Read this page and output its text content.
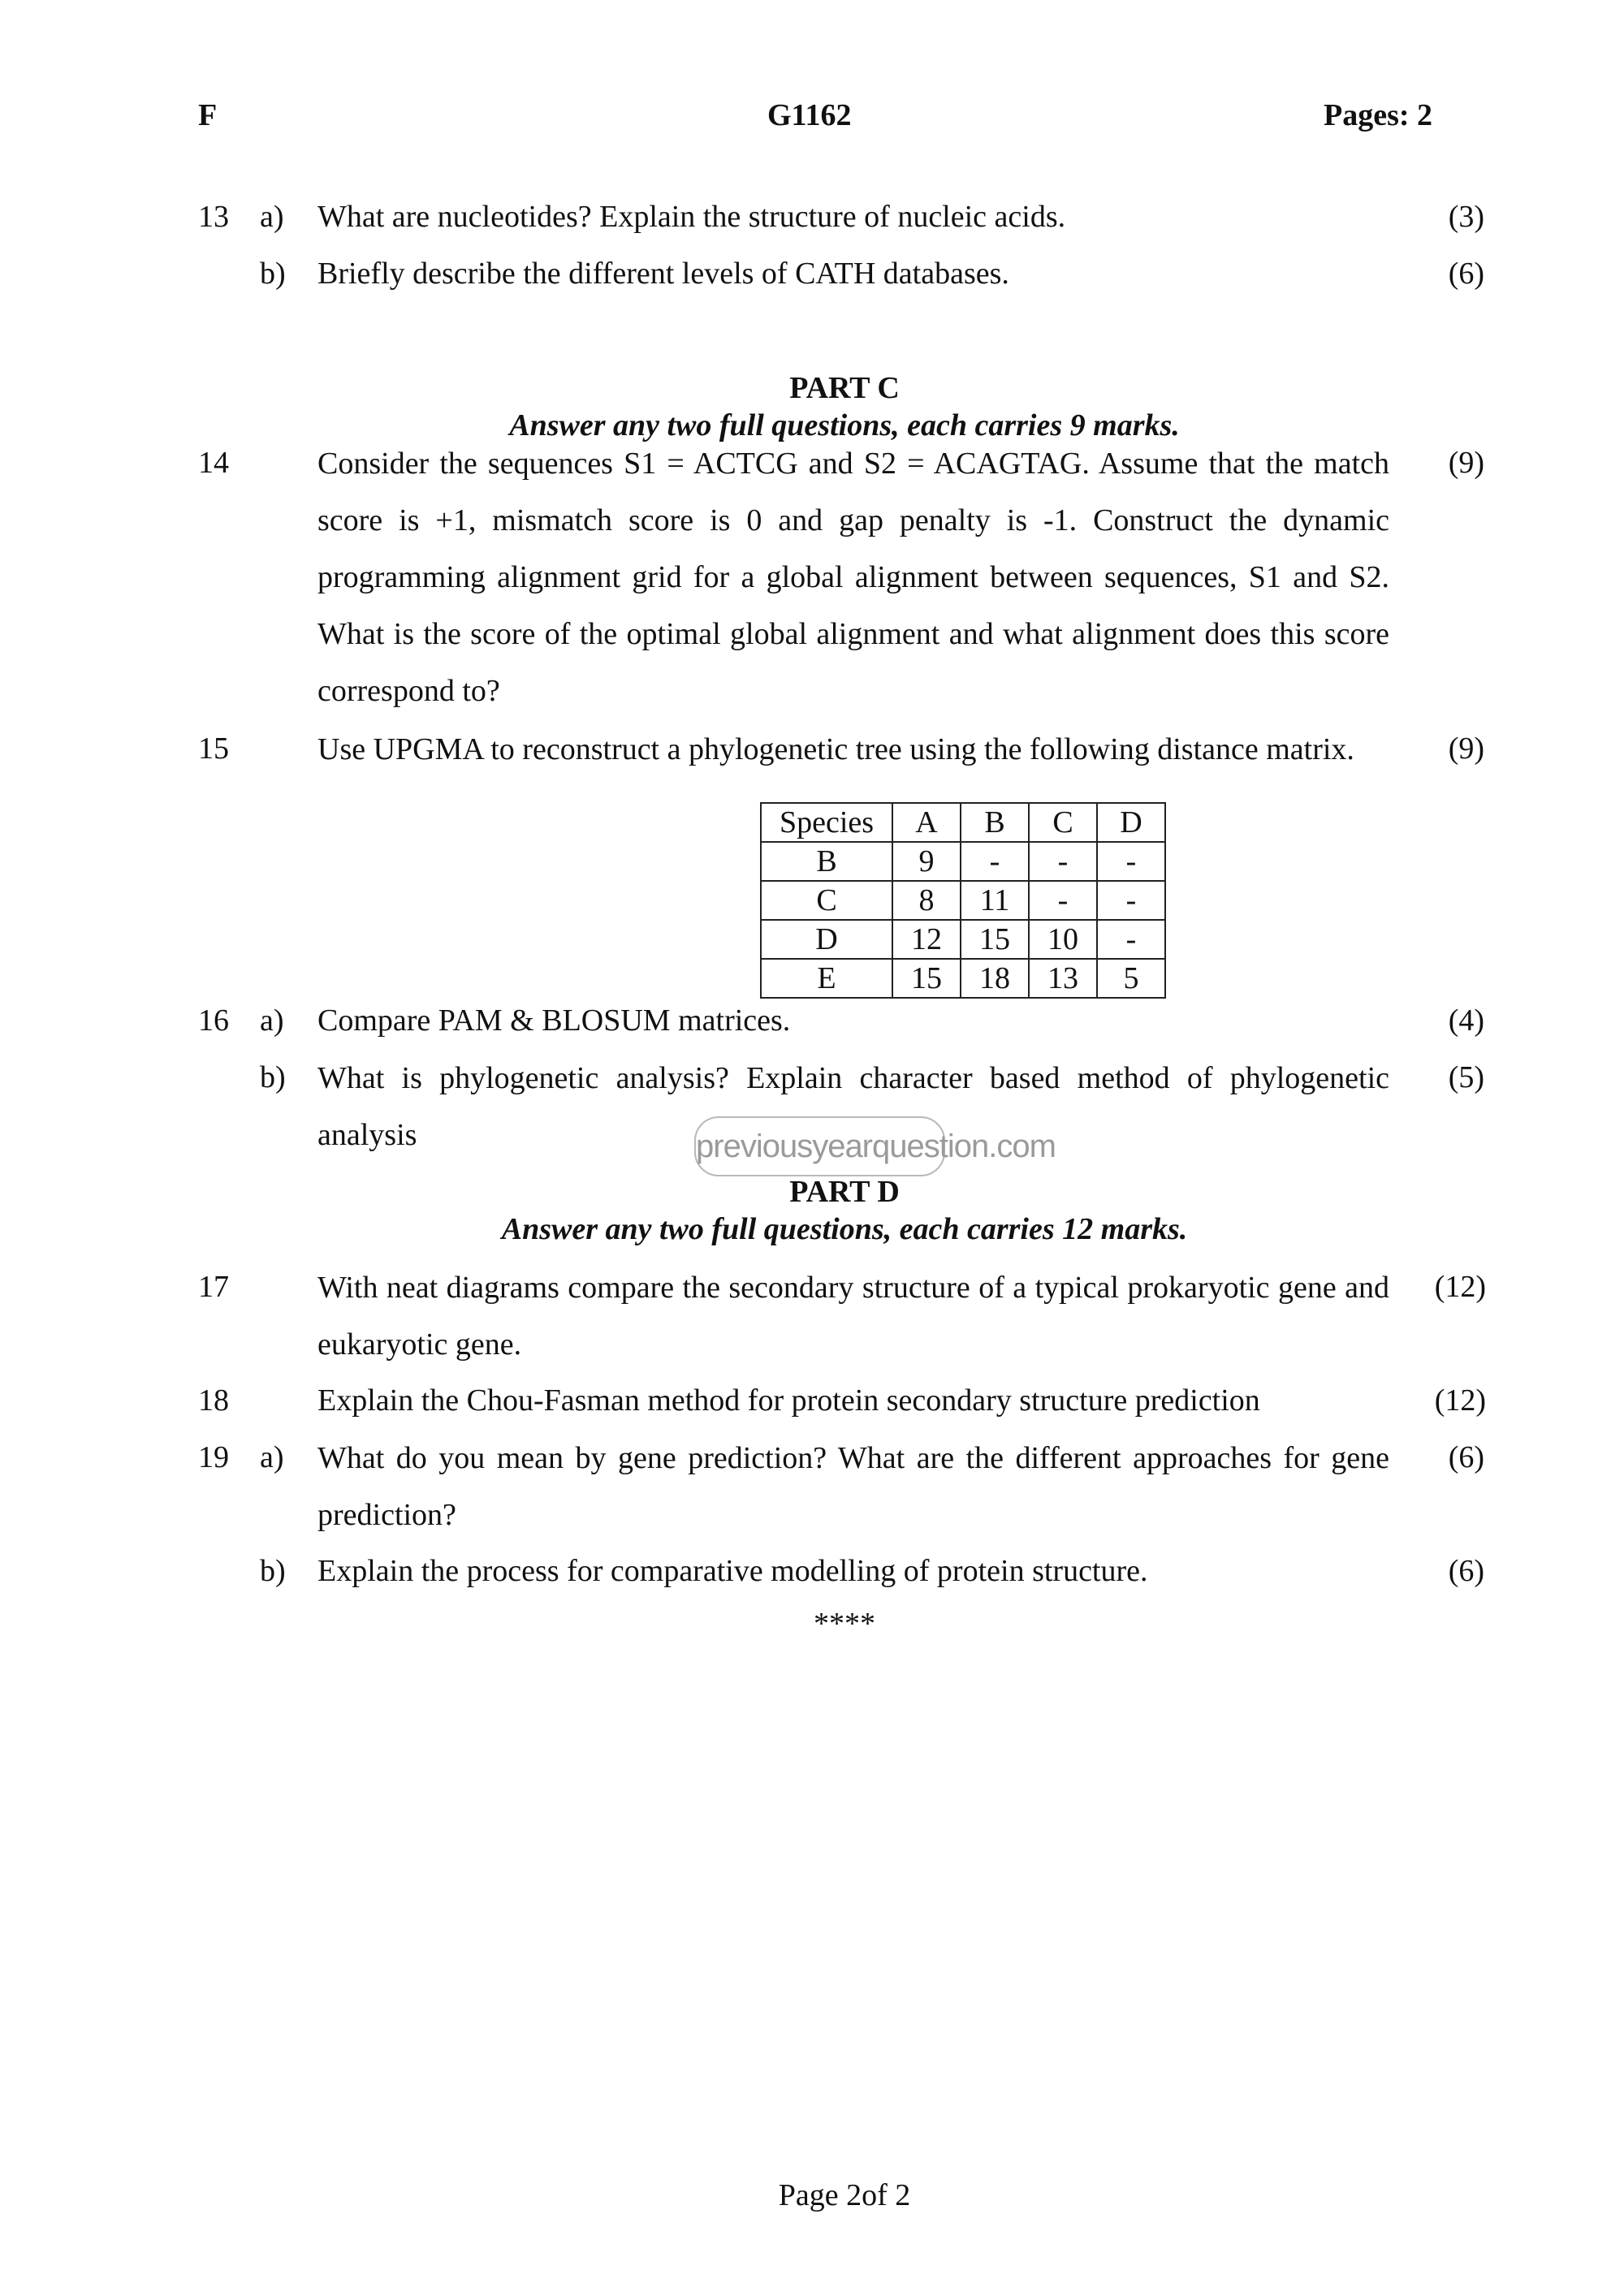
F	G1162	Pages: 2
13	a)	What are nucleotides? Explain the structure of nucleic acids.	(3)
b)	Briefly describe the different levels of CATH databases.	(6)
PART C
Answer any two full questions, each carries 9 marks.
14	Consider the sequences S1 = ACTCG and S2 = ACAGTAG. Assume that the match score is +1, mismatch score is 0 and gap penalty is -1. Construct the dynamic programming alignment grid for a global alignment between sequences, S1 and S2. What is the score of the optimal global alignment and what alignment does this score correspond to?
(9)
15	Use UPGMA to reconstruct a phylogenetic tree using the following distance matrix.	(9)
Species	A	B	C	D
B	9	-	-	-
C	8	11	-	-
D	12	15	10	-
E	15	18	13	5
16	a)	Compare PAM & BLOSUM matrices.	(4)
b)	What is phylogenetic analysis? Explain character based method of phylogenetic analysis
(5)
previousyearquestion.com
PART D
Answer any two full questions, each carries 12 marks.
17	With neat diagrams compare the secondary structure of a typical prokaryotic gene and eukaryotic gene.
(12)
18	Explain the Chou-Fasman method for protein secondary structure prediction	(12)
19	a)	What do you mean by gene prediction? What are the different approaches for gene prediction?
(6)
b)	Explain the process for comparative modelling of protein structure.	(6)
****
Page 2of 2
